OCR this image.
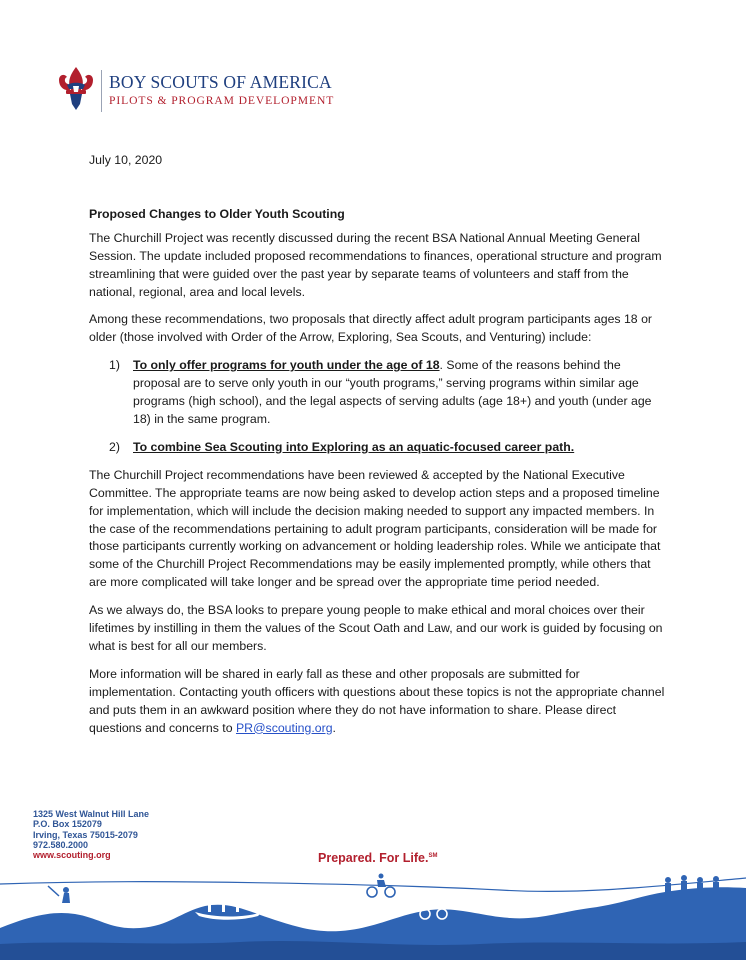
BOY SCOUTS OF AMERICA
PILOTS & PROGRAM DEVELOPMENT

July 10, 2020

Proposed Changes to Older Youth Scouting

The Churchill Project was recently discussed during the recent BSA National Annual Meeting General Session. The update included proposed recommendations to finances, operational structure and program streamlining that were guided over the past year by separate teams of volunteers and staff from the national, regional, area and local levels.

Among these recommendations, two proposals that directly affect adult program participants ages 18 or older (those involved with Order of the Arrow, Exploring, Sea Scouts, and Venturing) include:

1)	To only offer programs for youth under the age of 18. Some of the reasons behind the proposal are to serve only youth in our “youth programs,” serving programs within similar age programs (high school), and the legal aspects of serving adults (age 18+) and youth (under age 18) in the same program.
2)	To combine Sea Scouting into Exploring as an aquatic-focused career path.

The Churchill Project recommendations have been reviewed & accepted by the National Executive Committee. The appropriate teams are now being asked to develop action steps and a proposed timeline for implementation, which will include the decision making needed to support any impacted members. In the case of the recommendations pertaining to adult program participants, consideration will be made for those participants currently working on advancement or holding leadership roles. While we anticipate that some of the Churchill Project Recommendations may be easily implemented promptly, while others that are more complicated will take longer and be spread over the appropriate time period needed.

As we always do, the BSA looks to prepare young people to make ethical and moral choices over their lifetimes by instilling in them the values of the Scout Oath and Law, and our work is guided by focusing on what is best for all our members.

More information will be shared in early fall as these and other proposals are submitted for implementation. Contacting youth officers with questions about these topics is not the appropriate channel and puts them in an awkward position where they do not have information to share. Please direct questions and concerns to PR@scouting.org.

1325 West Walnut Hill Lane
P.O. Box 152079
Irving, Texas 75015-2079
972.580.2000
www.scouting.org	Prepared. For Life.℠
